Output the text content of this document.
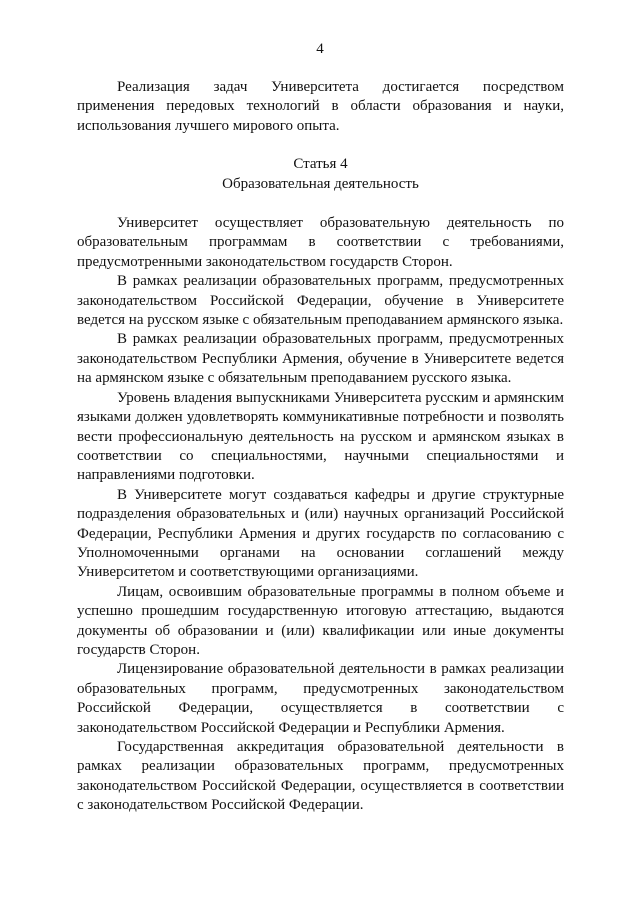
4

Реализация задач Университета достигается посредством применения передовых технологий в области образования и науки, использования лучшего мирового опыта.

Статья 4
Образовательная деятельность

Университет осуществляет образовательную деятельность по образовательным программам в соответствии с требованиями, предусмотренными законодательством государств Сторон.

В рамках реализации образовательных программ, предусмотренных законодательством Российской Федерации, обучение в Университете ведется на русском языке с обязательным преподаванием армянского языка.

В рамках реализации образовательных программ, предусмотренных законодательством Республики Армения, обучение в Университете ведется на армянском языке с обязательным преподаванием русского языка.

Уровень владения выпускниками Университета русским и армянским языками должен удовлетворять коммуникативные потребности и позволять вести профессиональную деятельность на русском и армянском языках в соответствии со специальностями, научными специальностями и направлениями подготовки.

В Университете могут создаваться кафедры и другие структурные подразделения образовательных и (или) научных организаций Российской Федерации, Республики Армения и других государств по согласованию с Уполномоченными органами на основании соглашений между Университетом и соответствующими организациями.

Лицам, освоившим образовательные программы в полном объеме и успешно прошедшим государственную итоговую аттестацию, выдаются документы об образовании и (или) квалификации или иные документы государств Сторон.

Лицензирование образовательной деятельности в рамках реализации образовательных программ, предусмотренных законодательством Российской Федерации, осуществляется в соответствии с законодательством Российской Федерации и Республики Армения.

Государственная аккредитация образовательной деятельности в рамках реализации образовательных программ, предусмотренных законодательством Российской Федерации, осуществляется в соответствии с законодательством Российской Федерации.
